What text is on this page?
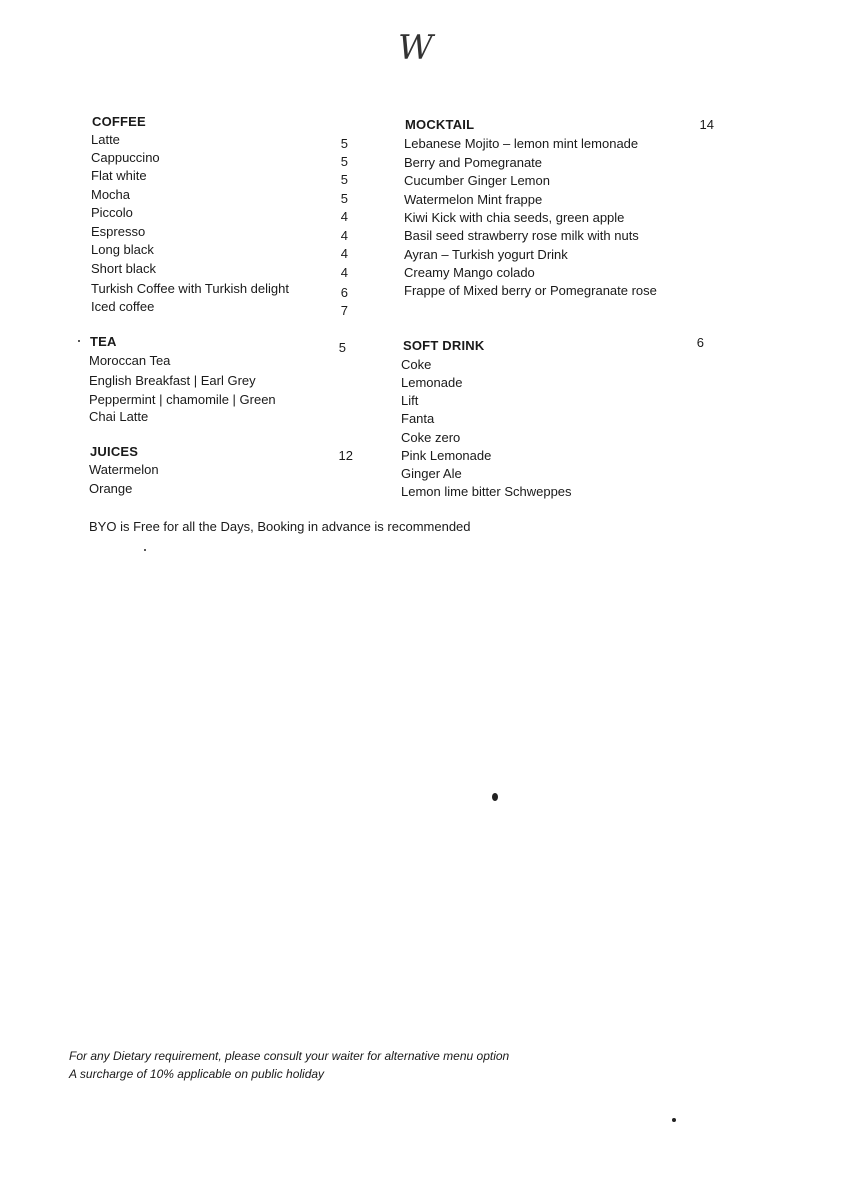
W
COFFEE
Latte	5
Cappuccino	5
Flat white	5
Mocha	5
Piccolo	4
Espresso	4
Long black	4
Short black	4
Turkish Coffee with Turkish delight	6
Iced coffee	7
TEA	5
Moroccan Tea
English Breakfast | Earl Grey
Peppermint | chamomile | Green
Chai Latte
JUICES	12
Watermelon
Orange
MOCKTAIL	14
Lebanese Mojito – lemon mint lemonade
Berry and Pomegranate
Cucumber Ginger Lemon
Watermelon Mint frappe
Kiwi Kick with chia seeds, green apple
Basil seed strawberry rose milk with nuts
Ayran – Turkish yogurt Drink
Creamy Mango colado
Frappe of Mixed berry or Pomegranate rose
SOFT DRINK	6
Coke
Lemonade
Lift
Fanta
Coke zero
Pink Lemonade
Ginger Ale
Lemon lime bitter Schweppes
BYO is Free for all the Days, Booking in advance is recommended
For any Dietary requirement, please consult your waiter for alternative menu option
A surcharge of 10% applicable on public holiday
